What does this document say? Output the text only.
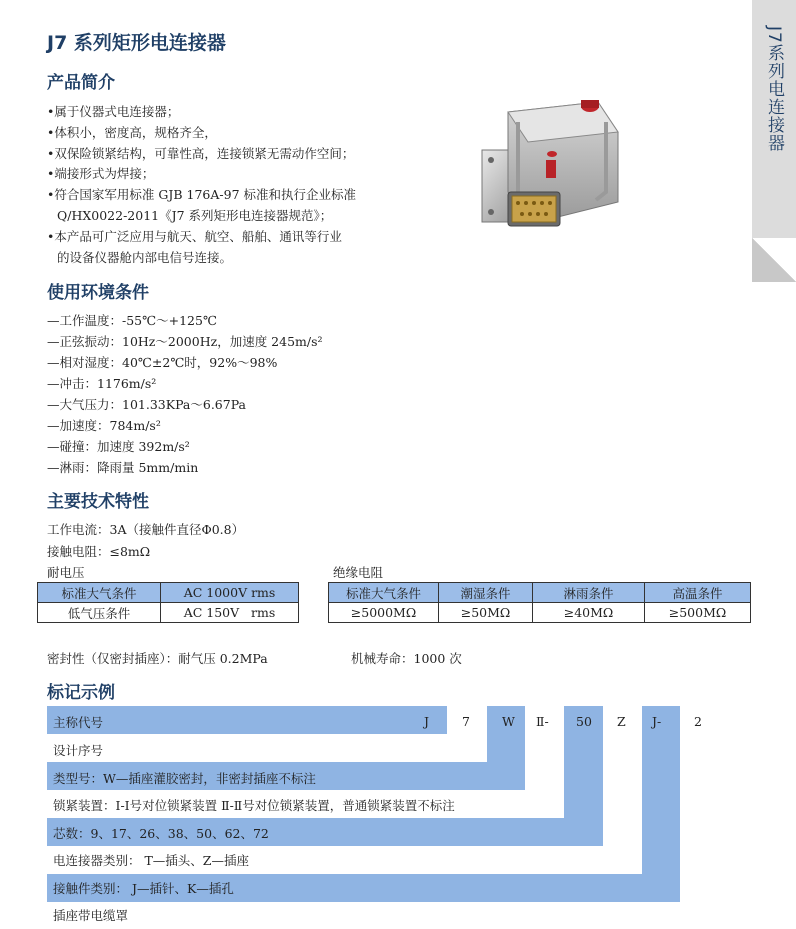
J7系列电连接器
J7 系列矩形电连接器
产品简介
•属于仪器式电连接器；
•体积小，密度高，规格齐全，
•双保险锁紧结构，可靠性高，连接锁紧无需动作空间；
•端接形式为焊接；
•符合国家军用标准 GJB 176A-97 标准和执行企业标准
Q/HX0022-2011《J7 系列矩形电连接器规范》；
•本产品可广泛应用与航天、航空、船舶、通讯等行业
的设备仪器舱内部电信号连接。
使用环境条件
—工作温度：-55℃～+125℃
—正弦振动：10Hz～2000Hz，加速度 245m/s²
—相对湿度：40℃±2℃时，92%～98%
—冲击：1176m/s²
—大气压力：101.33KPa～6.67Pa
—加速度：784m/s²
—碰撞：加速度 392m/s²
—淋雨：降雨量 5mm/min
主要技术特性
工作电流：3A（接触件直径Φ0.8）
接触电阻：≤8mΩ
耐电压	绝缘电阻
标准大气条件	AC 1000V rms
低气压条件	AC 150V   rms
标准大气条件	潮湿条件	淋雨条件	高温条件
≥5000MΩ	≥50MΩ	≥40MΩ	≥500MΩ
密封性（仅密封插座）：耐气压 0.2MPa	机械寿命：1000 次
标记示例
主称代号	J	7	W Ⅱ- 50 Z J-	2
设计序号
类型号：W—插座灌胶密封，非密封插座不标注
锁紧装置：Ⅰ-Ⅰ号对位锁紧装置 Ⅱ-Ⅱ号对位锁紧装置，普通锁紧装置不标注
芯数：9、17、26、38、50、62、72
电连接器类别： T—插头、Z—插座
接触件类别： J—插针、K—插孔
插座带电缆罩
